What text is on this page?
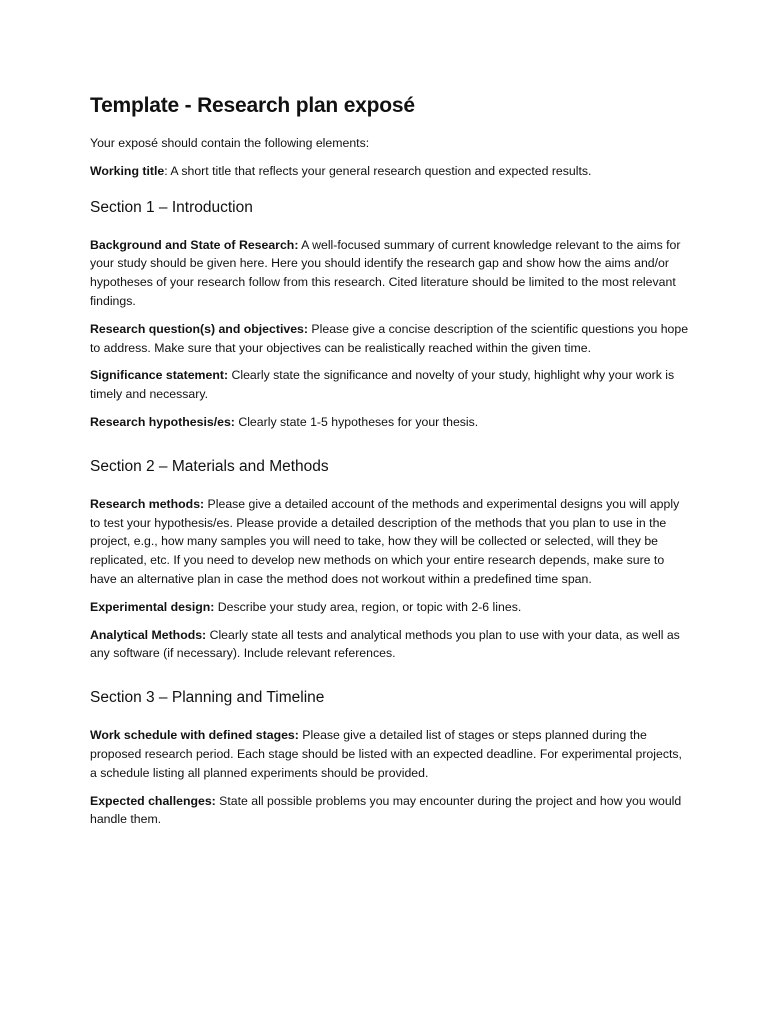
Template - Research plan exposé

Your exposé should contain the following elements:

Working title: A short title that reflects your general research question and expected results.

Section 1 – Introduction

Background and State of Research: A well-focused summary of current knowledge relevant to the aims for your study should be given here. Here you should identify the research gap and show how the aims and/or hypotheses of your research follow from this research. Cited literature should be limited to the most relevant findings.

Research question(s) and objectives: Please give a concise description of the scientific questions you hope to address. Make sure that your objectives can be realistically reached within the given time.

Significance statement: Clearly state the significance and novelty of your study, highlight why your work is timely and necessary.

Research hypothesis/es: Clearly state 1-5 hypotheses for your thesis.

Section 2 – Materials and Methods

Research methods: Please give a detailed account of the methods and experimental designs you will apply to test your hypothesis/es. Please provide a detailed description of the methods that you plan to use in the project, e.g., how many samples you will need to take, how they will be collected or selected, will they be replicated, etc. If you need to develop new methods on which your entire research depends, make sure to have an alternative plan in case the method does not workout within a predefined time span.

Experimental design: Describe your study area, region, or topic with 2-6 lines.

Analytical Methods: Clearly state all tests and analytical methods you plan to use with your data, as well as any software (if necessary). Include relevant references.

Section 3 – Planning and Timeline

Work schedule with defined stages: Please give a detailed list of stages or steps planned during the proposed research period. Each stage should be listed with an expected deadline. For experimental projects, a schedule listing all planned experiments should be provided.

Expected challenges: State all possible problems you may encounter during the project and how you would handle them.
